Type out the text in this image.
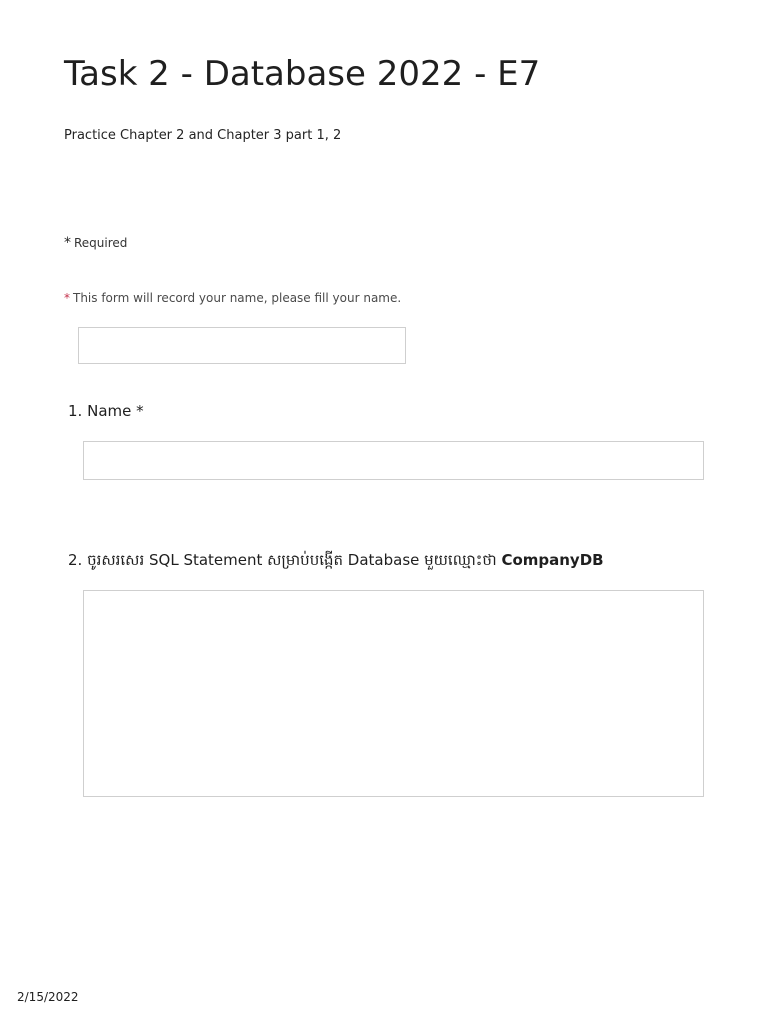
Task 2 - Database 2022 - E7
Practice Chapter 2 and Chapter 3 part 1, 2
* Required
* This form will record your name, please fill your name.
1. Name *
2. ចូរសរសេរ SQL Statement សម្រាប់បង្កើត Database មួយឈ្មោះថា CompanyDB
2/15/2022
